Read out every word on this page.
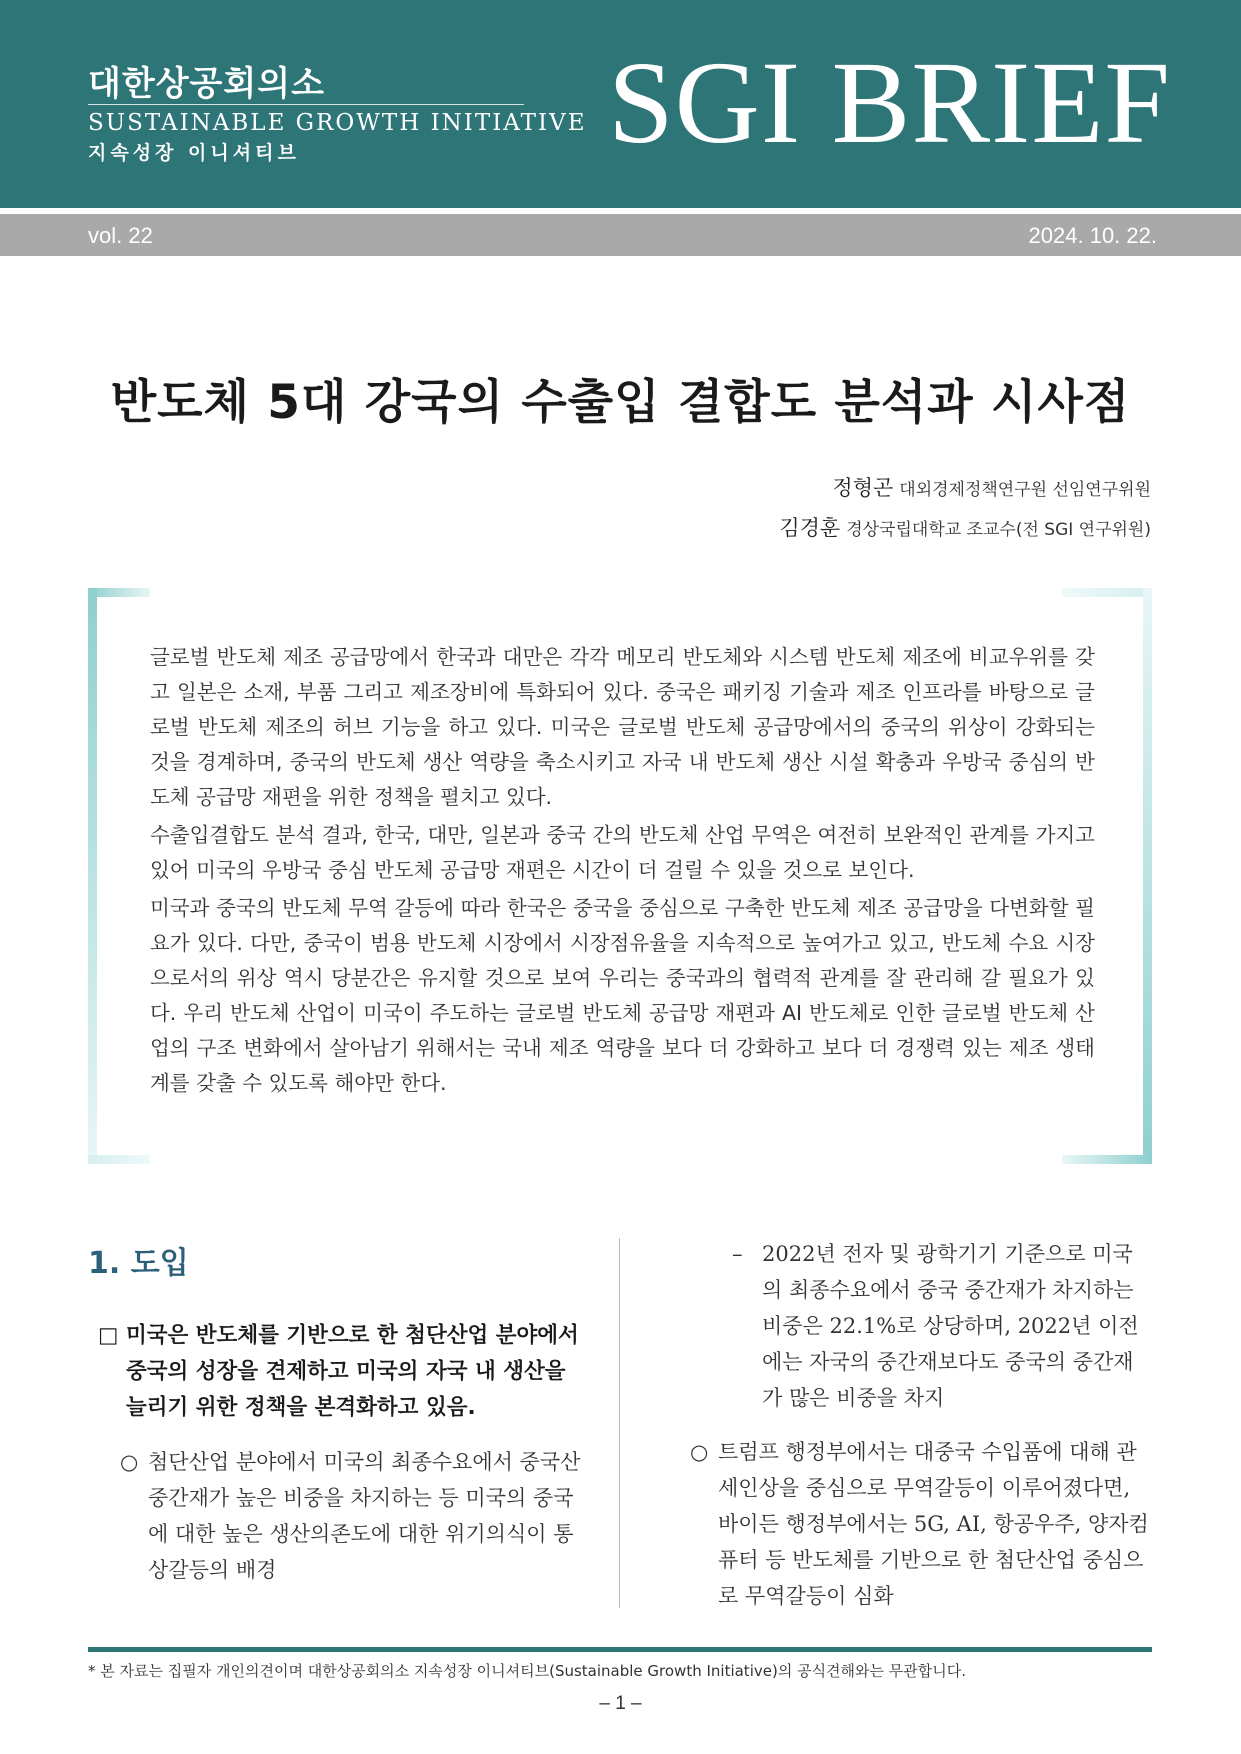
대한상공회의소
SUSTAINABLE GROWTH INITIATIVE
지속성장 이니셔티브	SGI BRIEF
vol. 22	2024. 10. 22.
반도체 5대 강국의 수출입 결합도 분석과 시사점
정형곤 대외경제정책연구원 선임연구위원
김경훈 경상국립대학교 조교수(전 SGI 연구위원)

글로벌 반도체 제조 공급망에서 한국과 대만은 각각 메모리 반도체와 시스템 반도체 제조에 비교우위를 갖고 일본은 소재, 부품 그리고 제조장비에 특화되어 있다. 중국은 패키징 기술과 제조 인프라를 바탕으로 글로벌 반도체 제조의 허브 기능을 하고 있다. 미국은 글로벌 반도체 공급망에서의 중국의 위상이 강화되는 것을 경계하며, 중국의 반도체 생산 역량을 축소시키고 자국 내 반도체 생산 시설 확충과 우방국 중심의 반도체 공급망 재편을 위한 정책을 펼치고 있다.

수출입결합도 분석 결과, 한국, 대만, 일본과 중국 간의 반도체 산업 무역은 여전히 보완적인 관계를 가지고 있어 미국의 우방국 중심 반도체 공급망 재편은 시간이 더 걸릴 수 있을 것으로 보인다.

미국과 중국의 반도체 무역 갈등에 따라 한국은 중국을 중심으로 구축한 반도체 제조 공급망을 다변화할 필요가 있다. 다만, 중국이 범용 반도체 시장에서 시장점유율을 지속적으로 높여가고 있고, 반도체 수요 시장으로서의 위상 역시 당분간은 유지할 것으로 보여 우리는 중국과의 협력적 관계를 잘 관리해 갈 필요가 있다. 우리 반도체 산업이 미국이 주도하는 글로벌 반도체 공급망 재편과 AI 반도체로 인한 글로벌 반도체 산업의 구조 변화에서 살아남기 위해서는 국내 제조 역량을 보다 더 강화하고 보다 더 경쟁력 있는 제조 생태계를 갖출 수 있도록 해야만 한다.

1. 도입
□ 미국은 반도체를 기반으로 한 첨단산업 분야에서 중국의 성장을 견제하고 미국의 자국 내 생산을 늘리기 위한 정책을 본격화하고 있음.
○ 첨단산업 분야에서 미국의 최종수요에서 중국산 중간재가 높은 비중을 차지하는 등 미국의 중국에 대한 높은 생산의존도에 대한 위기의식이 통상갈등의 배경
– 2022년 전자 및 광학기기 기준으로 미국의 최종수요에서 중국 중간재가 차지하는 비중은 22.1%로 상당하며, 2022년 이전에는 자국의 중간재보다도 중국의 중간재가 많은 비중을 차지
○ 트럼프 행정부에서는 대중국 수입품에 대해 관세인상을 중심으로 무역갈등이 이루어졌다면, 바이든 행정부에서는 5G, AI, 항공우주, 양자컴퓨터 등 반도체를 기반으로 한 첨단산업 중심으로 무역갈등이 심화
* 본 자료는 집필자 개인의견이며 대한상공회의소 지속성장 이니셔티브(Sustainable Growth Initiative)의 공식견해와는 무관합니다.
– 1 –
